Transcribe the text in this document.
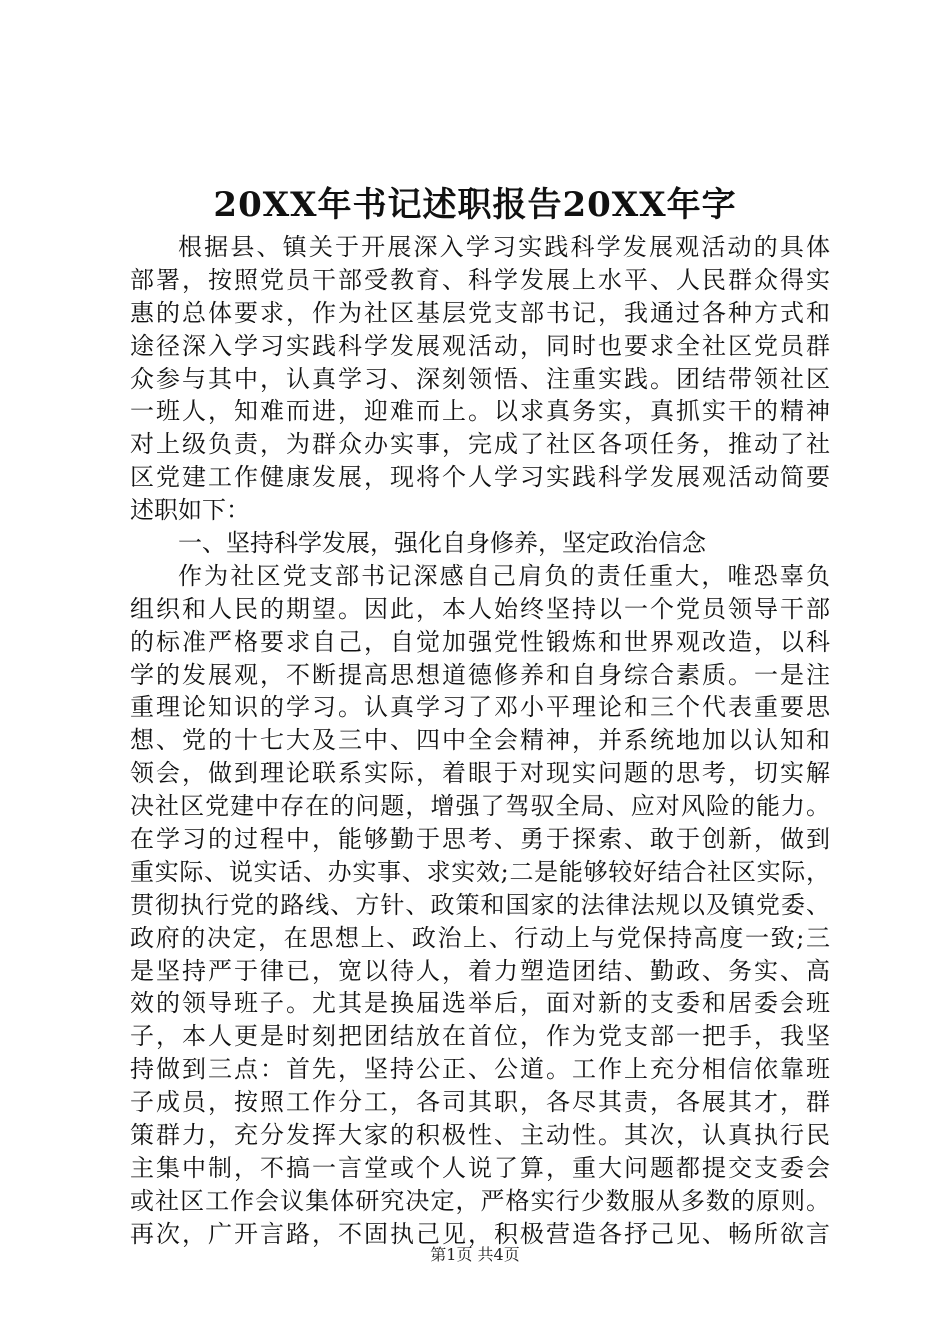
20XX年书记述职报告20XX年字
根据县、镇关于开展深入学习实践科学发展观活动的具体
部署，按照党员干部受教育、科学发展上水平、人民群众得实
惠的总体要求，作为社区基层党支部书记，我通过各种方式和
途径深入学习实践科学发展观活动，同时也要求全社区党员群
众参与其中，认真学习、深刻领悟、注重实践。团结带领社区
一班人，知难而进，迎难而上。以求真务实，真抓实干的精神
对上级负责，为群众办实事，完成了社区各项任务，推动了社
区党建工作健康发展，现将个人学习实践科学发展观活动简要
述职如下：
一、坚持科学发展，强化自身修养，坚定政治信念
作为社区党支部书记深感自己肩负的责任重大，唯恐辜负
组织和人民的期望。因此，本人始终坚持以一个党员领导干部
的标准严格要求自己，自觉加强党性锻炼和世界观改造，以科
学的发展观，不断提高思想道德修养和自身综合素质。一是注
重理论知识的学习。认真学习了邓小平理论和三个代表重要思
想、党的十七大及三中、四中全会精神，并系统地加以认知和
领会，做到理论联系实际，着眼于对现实问题的思考，切实解
决社区党建中存在的问题，增强了驾驭全局、应对风险的能力。
在学习的过程中，能够勤于思考、勇于探索、敢于创新，做到
重实际、说实话、办实事、求实效;二是能够较好结合社区实际，
贯彻执行党的路线、方针、政策和国家的法律法规以及镇党委、
政府的决定，在思想上、政治上、行动上与党保持高度一致;三
是坚持严于律已，宽以待人，着力塑造团结、勤政、务实、高
效的领导班子。尤其是换届选举后，面对新的支委和居委会班
子，本人更是时刻把团结放在首位，作为党支部一把手，我坚
持做到三点：首先，坚持公正、公道。工作上充分相信依靠班
子成员，按照工作分工，各司其职，各尽其责，各展其才，群
策群力，充分发挥大家的积极性、主动性。其次，认真执行民
主集中制，不搞一言堂或个人说了算，重大问题都提交支委会
或社区工作会议集体研究决定，严格实行少数服从多数的原则。
再次，广开言路，不固执己见，积极营造各抒己见、畅所欲言
第1页 共4页
